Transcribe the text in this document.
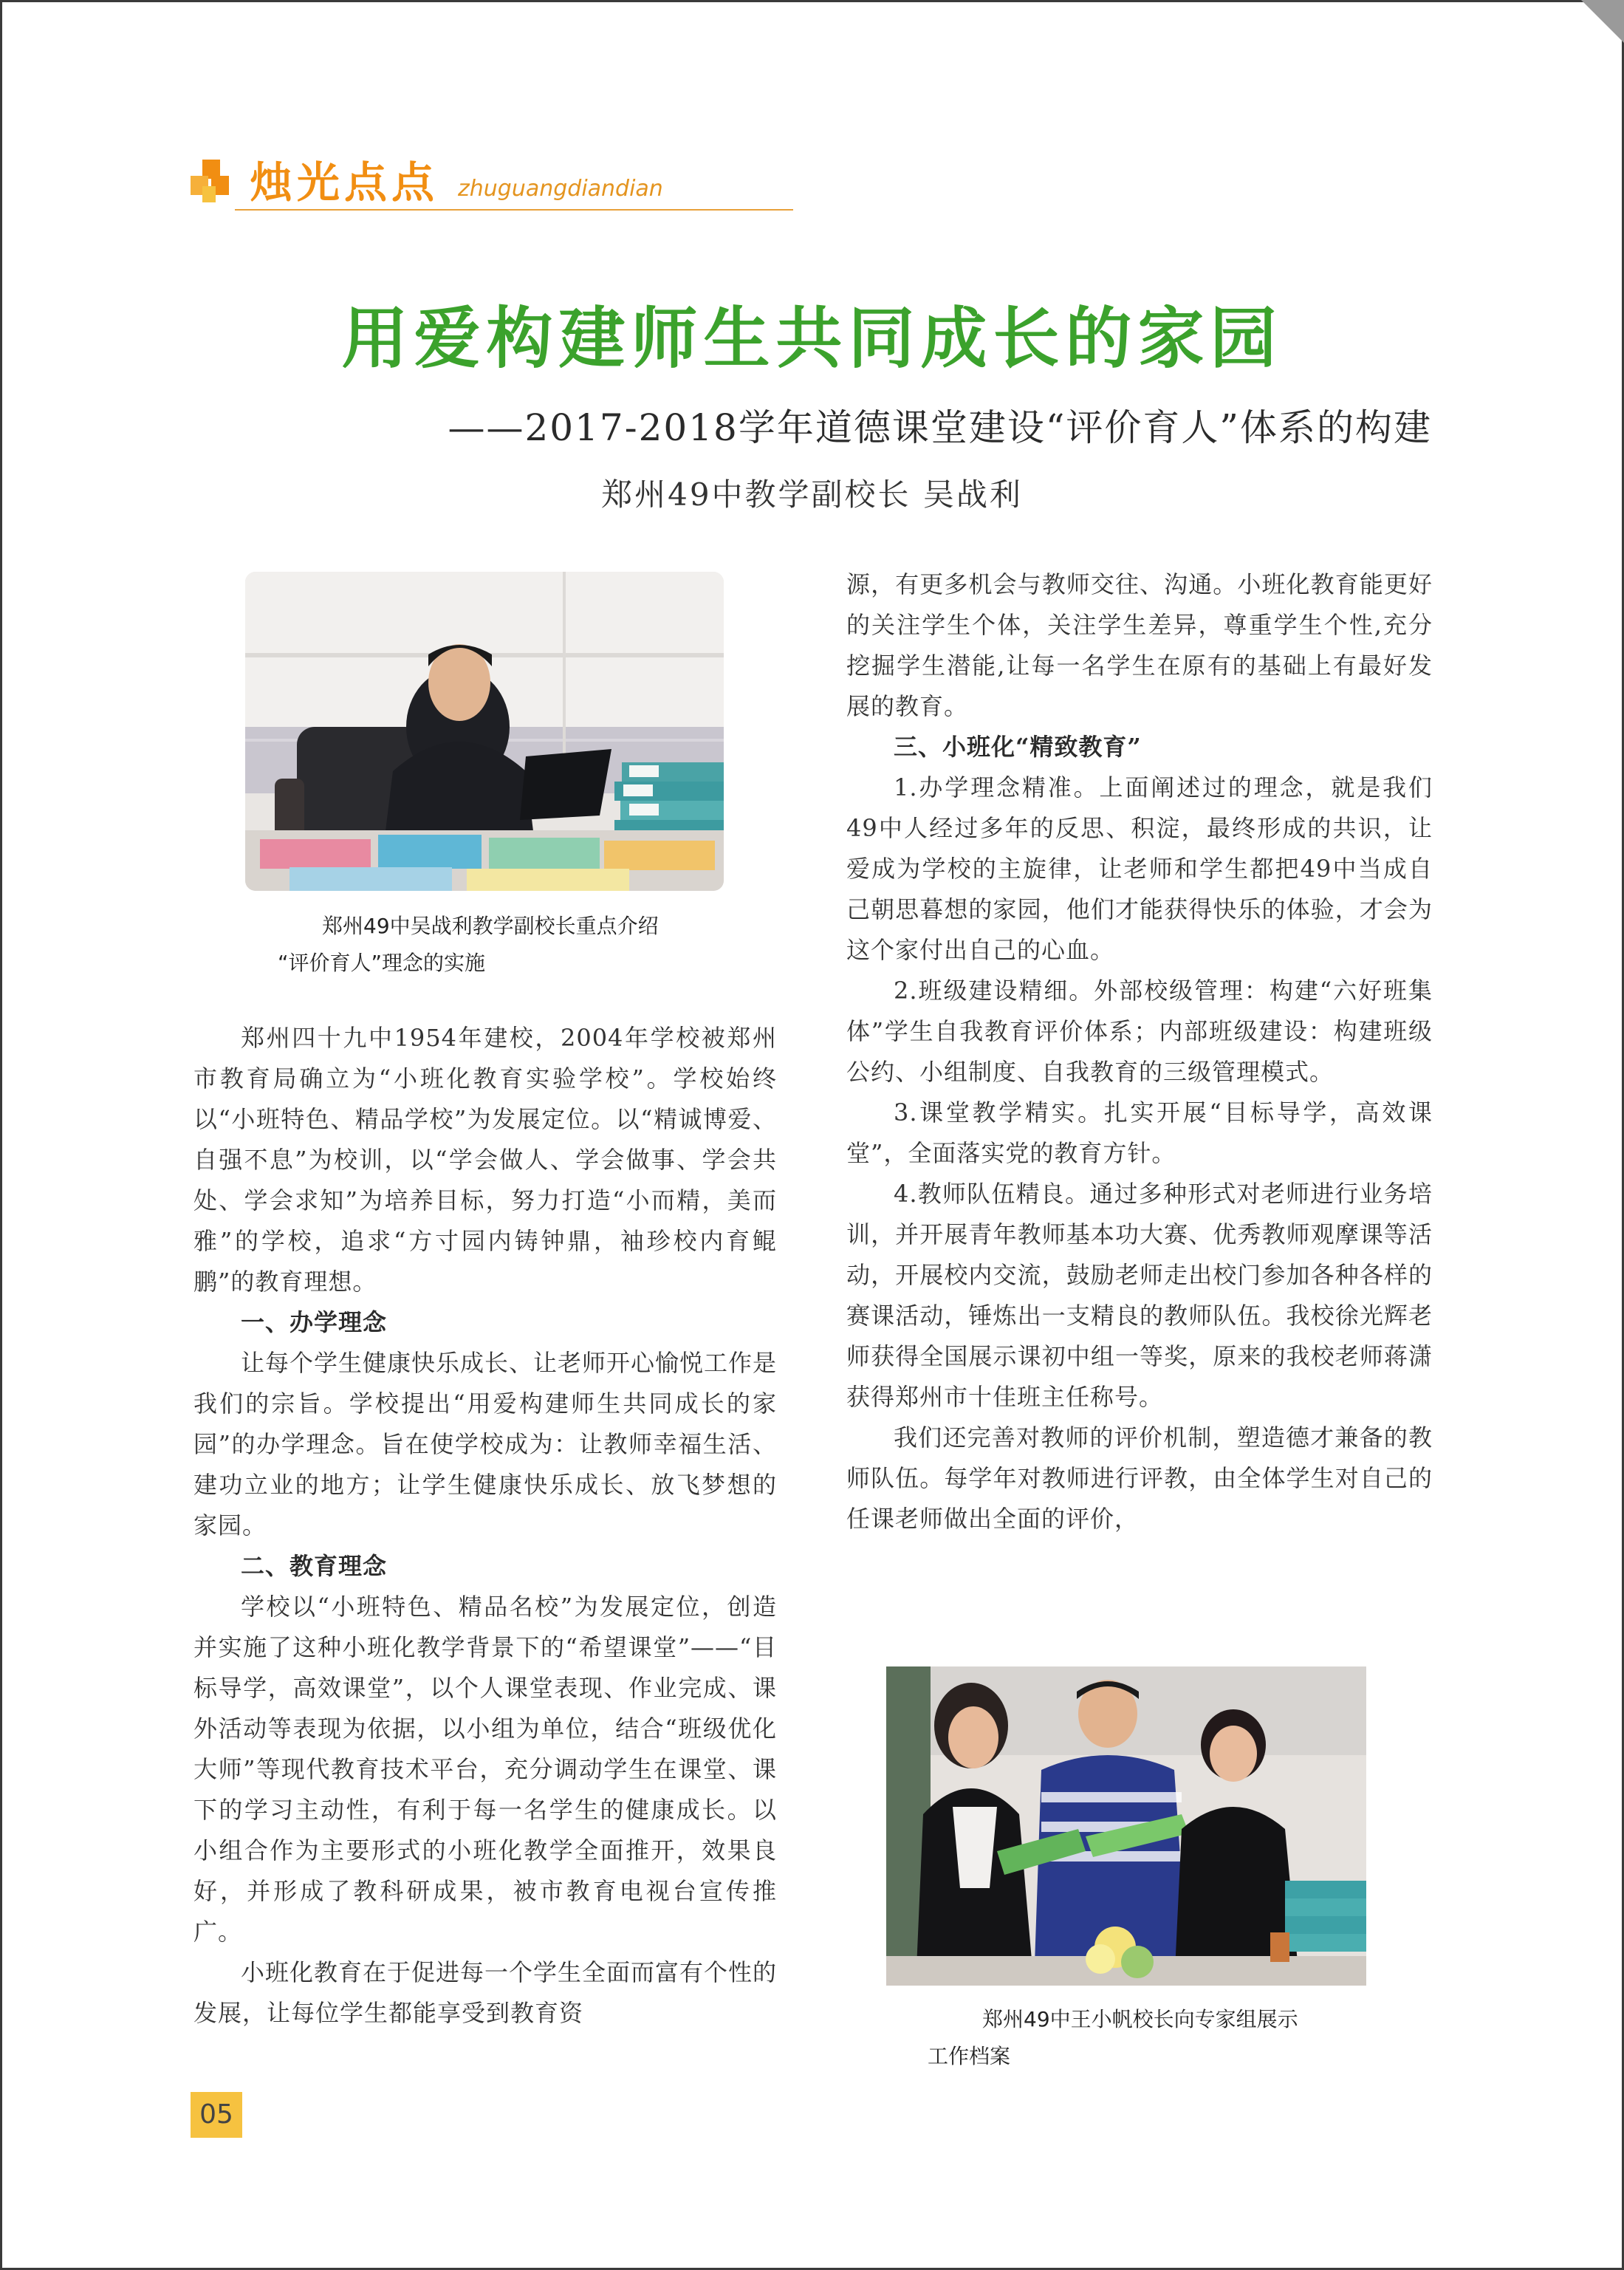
烛光点点 zhuguangdiandian
用爱构建师生共同成长的家园
——2017-2018学年道德课堂建设“评价育人”体系的构建
郑州49中教学副校长 吴战利
郑州49中吴战利教学副校长重点介绍
“评价育人”理念的实施

郑州四十九中1954年建校，2004年学校被郑州市教育局确立为“小班化教育实验学校”。学校始终以“小班特色、精品学校”为发展定位。以“精诚博爱、自强不息”为校训，以“学会做人、学会做事、学会共处、学会求知”为培养目标，努力打造“小而精，美而雅”的学校，追求“方寸园内铸钟鼎，袖珍校内育鲲鹏”的教育理想。

一、办学理念

让每个学生健康快乐成长、让老师开心愉悦工作是我们的宗旨。学校提出“用爱构建师生共同成长的家园”的办学理念。旨在使学校成为：让教师幸福生活、建功立业的地方；让学生健康快乐成长、放飞梦想的家园。

二、教育理念

学校以“小班特色、精品名校”为发展定位，创造并实施了这种小班化教学背景下的“希望课堂”——“目标导学，高效课堂”，以个人课堂表现、作业完成、课外活动等表现为依据，以小组为单位，结合“班级优化大师”等现代教育技术平台，充分调动学生在课堂、课下的学习主动性，有利于每一名学生的健康成长。以小组合作为主要形式的小班化教学全面推开，效果良好，并形成了教科研成果，被市教育电视台宣传推广。

小班化教育在于促进每一个学生全面而富有个性的发展，让每位学生都能享受到教育资

源，有更多机会与教师交往、沟通。小班化教育能更好的关注学生个体，关注学生差异，尊重学生个性,充分挖掘学生潜能,让每一名学生在原有的基础上有最好发展的教育。

三、小班化“精致教育”

1.办学理念精准。上面阐述过的理念，就是我们49中人经过多年的反思、积淀，最终形成的共识，让爱成为学校的主旋律，让老师和学生都把49中当成自己朝思暮想的家园，他们才能获得快乐的体验，才会为这个家付出自己的心血。

2.班级建设精细。外部校级管理：构建“六好班集体”学生自我教育评价体系；内部班级建设：构建班级公约、小组制度、自我教育的三级管理模式。

3.课堂教学精实。扎实开展“目标导学，高效课堂”，全面落实党的教育方针。

4.教师队伍精良。通过多种形式对老师进行业务培训，并开展青年教师基本功大赛、优秀教师观摩课等活动，开展校内交流，鼓励老师走出校门参加各种各样的赛课活动，锤炼出一支精良的教师队伍。我校徐光辉老师获得全国展示课初中组一等奖，原来的我校老师蒋潇获得郑州市十佳班主任称号。

我们还完善对教师的评价机制，塑造德才兼备的教师队伍。每学年对教师进行评教，由全体学生对自己的任课老师做出全面的评价，

郑州49中王小帆校长向专家组展示
工作档案
05
